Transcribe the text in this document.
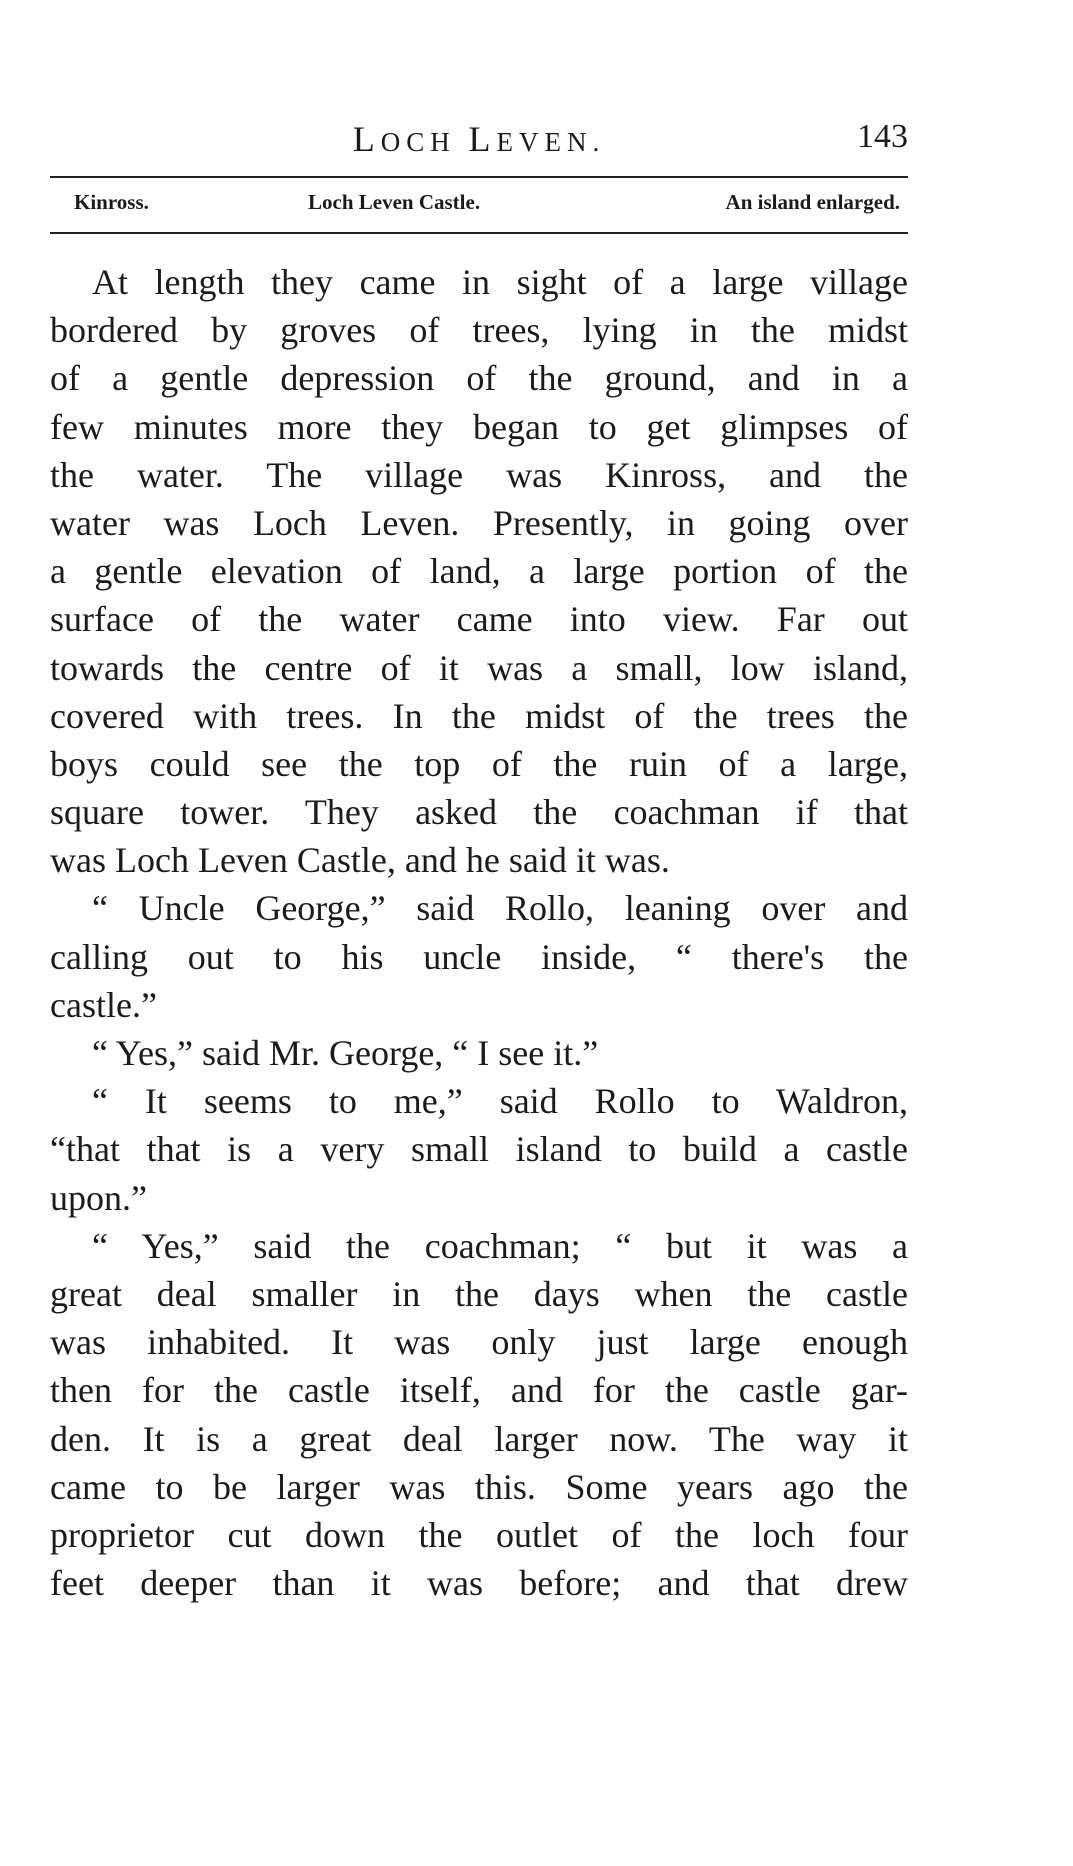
LOCH LEVEN.	143
Kinross.	Loch Leven Castle.	An island enlarged.
At length they came in sight of a large village
bordered by groves of trees, lying in the midst
of a gentle depression of the ground, and in a
few minutes more they began to get glimpses of
the water. The village was Kinross, and the
water was Loch Leven. Presently, in going over
a gentle elevation of land, a large portion of the
surface of the water came into view. Far out
towards the centre of it was a small, low island,
covered with trees. In the midst of the trees the
boys could see the top of the ruin of a large,
square tower. They asked the coachman if that
was Loch Leven Castle, and he said it was.
“ Uncle George,” said Rollo, leaning over and
calling out to his uncle inside, “ there's the
castle.”
“ Yes,” said Mr. George, “ I see it.”
“ It seems to me,” said Rollo to Waldron,
“that that is a very small island to build a castle
upon.”
“ Yes,” said the coachman; “ but it was a
great deal smaller in the days when the castle
was inhabited. It was only just large enough
then for the castle itself, and for the castle gar-
den. It is a great deal larger now. The way it
came to be larger was this. Some years ago the
proprietor cut down the outlet of the loch four
feet deeper than it was before; and that drew
